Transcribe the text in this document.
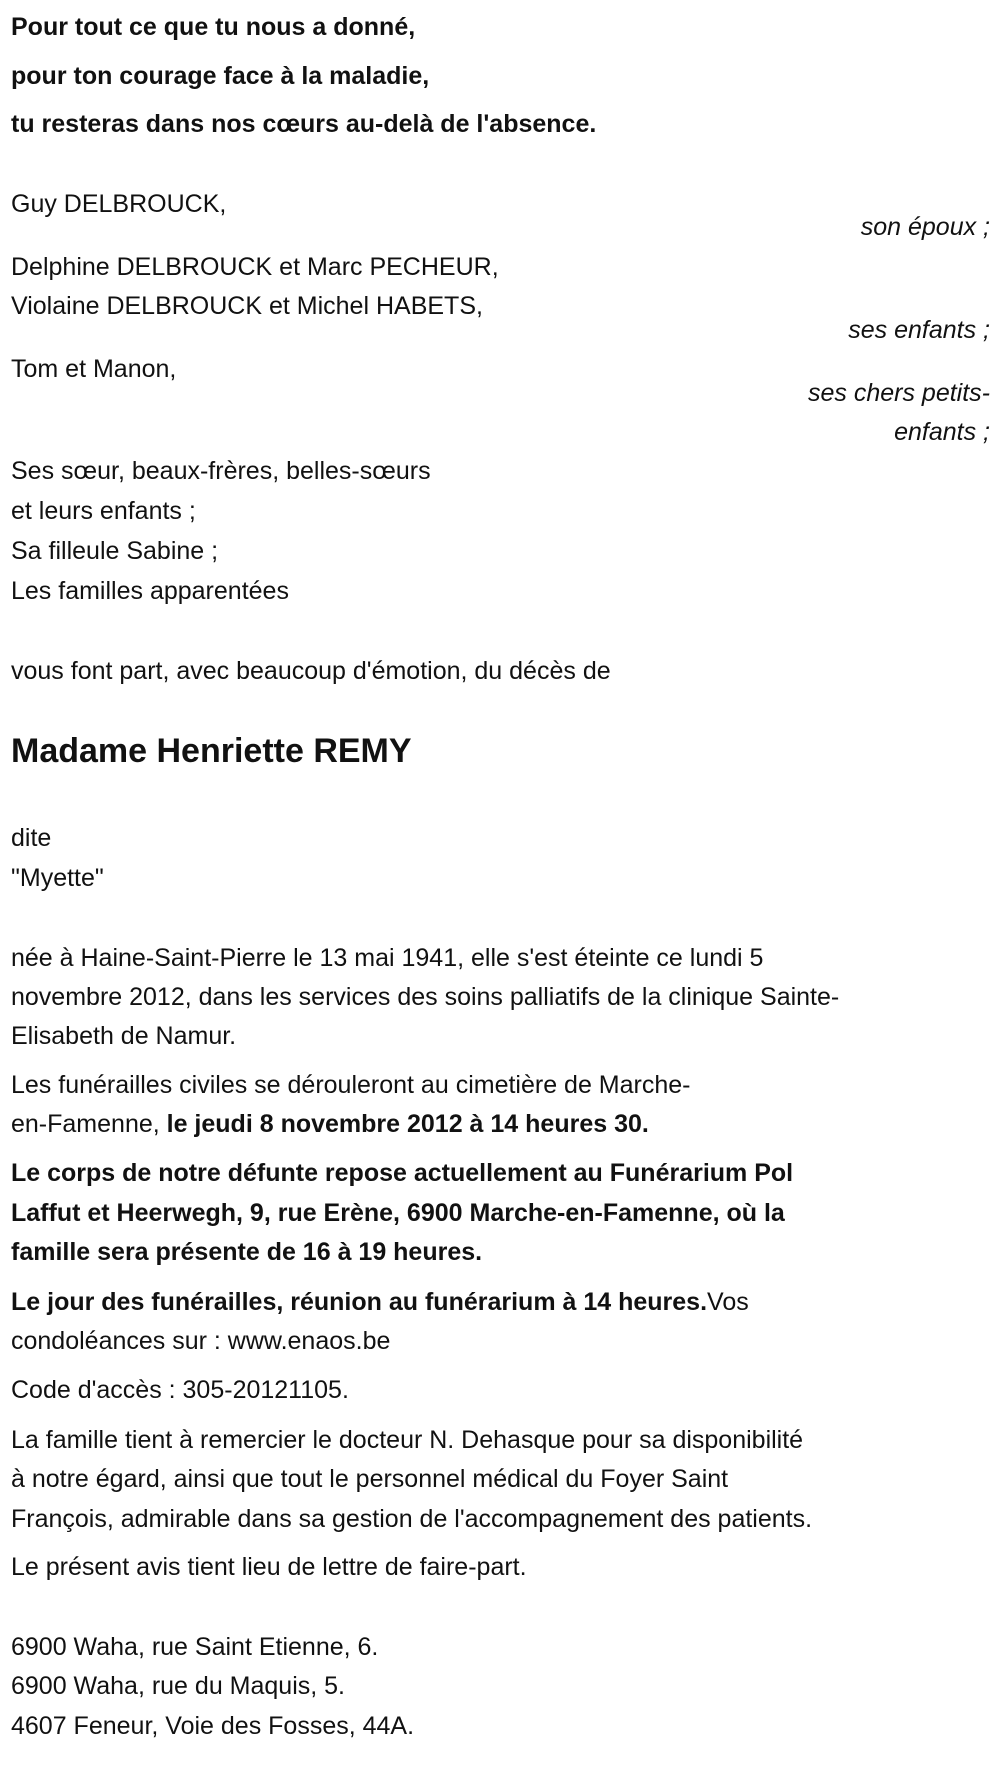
Pour tout ce que tu nous a donné,
pour ton courage face à la maladie,
tu resteras dans nos cœurs au-delà de l'absence.
Guy DELBROUCK,
son époux ;
Delphine DELBROUCK et Marc PECHEUR,
Violaine DELBROUCK et Michel HABETS,
ses enfants ;
Tom et Manon,
ses chers petits-
enfants ;
Ses sœur, beaux-frères, belles-sœurs
et leurs enfants ;
Sa filleule Sabine ;
Les familles apparentées
vous font part, avec beaucoup d'émotion, du décès de
Madame Henriette REMY
dite
"Myette"
née à Haine-Saint-Pierre le 13 mai 1941, elle s'est éteinte ce lundi 5
novembre 2012, dans les services des soins palliatifs de la clinique Sainte-
Elisabeth de Namur.
Les funérailles civiles se dérouleront au cimetière de Marche-
en-Famenne, le jeudi 8 novembre 2012 à 14 heures 30.
Le corps de notre défunte repose actuellement au Funérarium Pol
Laffut et Heerwegh, 9, rue Erène, 6900 Marche-en-Famenne, où la
famille sera présente de 16 à 19 heures.
Le jour des funérailles, réunion au funérarium à 14 heures.Vos
condoléances sur : www.enaos.be
Code d'accès : 305-20121105.
La famille tient à remercier le docteur N. Dehasque pour sa disponibilité
à notre égard, ainsi que tout le personnel médical du Foyer Saint
François, admirable dans sa gestion de l'accompagnement des patients.
Le présent avis tient lieu de lettre de faire-part.
6900 Waha, rue Saint Etienne, 6.
6900 Waha, rue du Maquis, 5.
4607 Feneur, Voie des Fosses, 44A.
